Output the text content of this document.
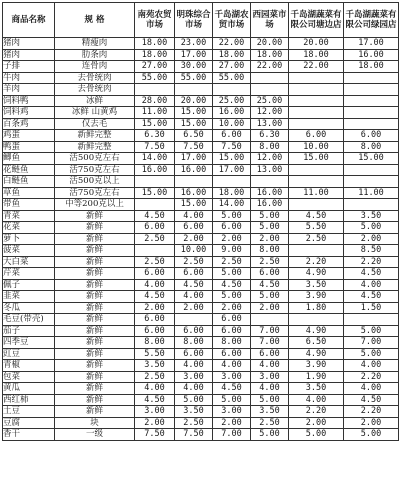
商品名称	规 格	南苑农贸市场	明珠综合市场	千岛湖农贸市场	西园菜市场	千岛湖蔬菜有限公司塘边店	千岛湖蔬菜有限公司绿园店
猪肉	精瘦肉	18.00	23.00	22.00	20.00	20.00	17.00
猪肉	肋条肉	18.00	17.00	18.00	18.00	18.00	16.00
子排	连骨肉	27.00	30.00	27.00	22.00	22.00	18.00
牛肉	去骨统肉	55.00	55.00	55.00			
羊肉	去骨统肉						
饲料鸭	冰鲜	28.00	20.00	25.00	25.00		
饲料鸡	冰鲜 山黄鸡	11.00	15.00	16.00	12.00		
百条鸡	仅去毛	15.00	15.00	10.00	13.00		
鸡蛋	新鲜完整	6.30	6.50	6.00	6.30	6.00	6.00
鸭蛋	新鲜完整	7.50	7.50	7.50	8.00	10.00	8.00
鲫鱼	活500克左右	14.00	17.00	15.00	12.00	15.00	15.00
花鲢鱼	活750克左右	16.00	16.00	17.00	13.00		
白鲢鱼	活500克以上						
草鱼	活750克左右	15.00	16.00	18.00	16.00	11.00	11.00
带鱼	中等200克以上		15.00	14.00	16.00		
青菜	新鲜	4.50	4.00	5.00	5.00	4.50	3.50
花菜	新鲜	6.00	6.00	6.00	5.00	5.50	5.00
萝卜	新鲜	2.50	2.00	2.00	2.00	2.50	2.00
菠菜	新鲜		10.00	9.00	8.00		8.50
大白菜	新鲜	2.50	2.50	2.50	2.50	2.20	2.20
芹菜	新鲜	6.00	6.00	5.00	6.00	4.90	4.50
佩子	新鲜	4.00	4.50	4.50	4.50	3.50	4.00
韭菜	新鲜	4.50	4.00	5.00	5.00	3.90	4.50
冬瓜	新鲜	2.00	2.00	2.00	2.00	1.80	1.50
毛豆(带壳)	新鲜	6.00		6.00			
茄子	新鲜	6.00	6.00	6.00	7.00	4.90	5.00
四季豆	新鲜	8.00	8.00	8.00	7.00	6.50	7.00
豇豆	新鲜	5.50	6.00	6.00	6.00	4.90	5.00
青椒	新鲜	3.50	4.00	4.00	4.00	3.90	4.00
包菜	新鲜	2.50	3.00	3.00	3.00	1.90	2.20
黄瓜	新鲜	4.00	4.00	4.50	4.00	3.50	4.00
西红柿	新鲜	4.50	5.00	5.00	5.00	4.00	4.50
土豆	新鲜	3.00	3.50	3.00	3.50	2.20	2.20
豆腐	块	2.00	2.50	2.00	2.50	2.00	2.00
香干	一级	7.50	7.50	7.00	5.00	5.00	5.00
